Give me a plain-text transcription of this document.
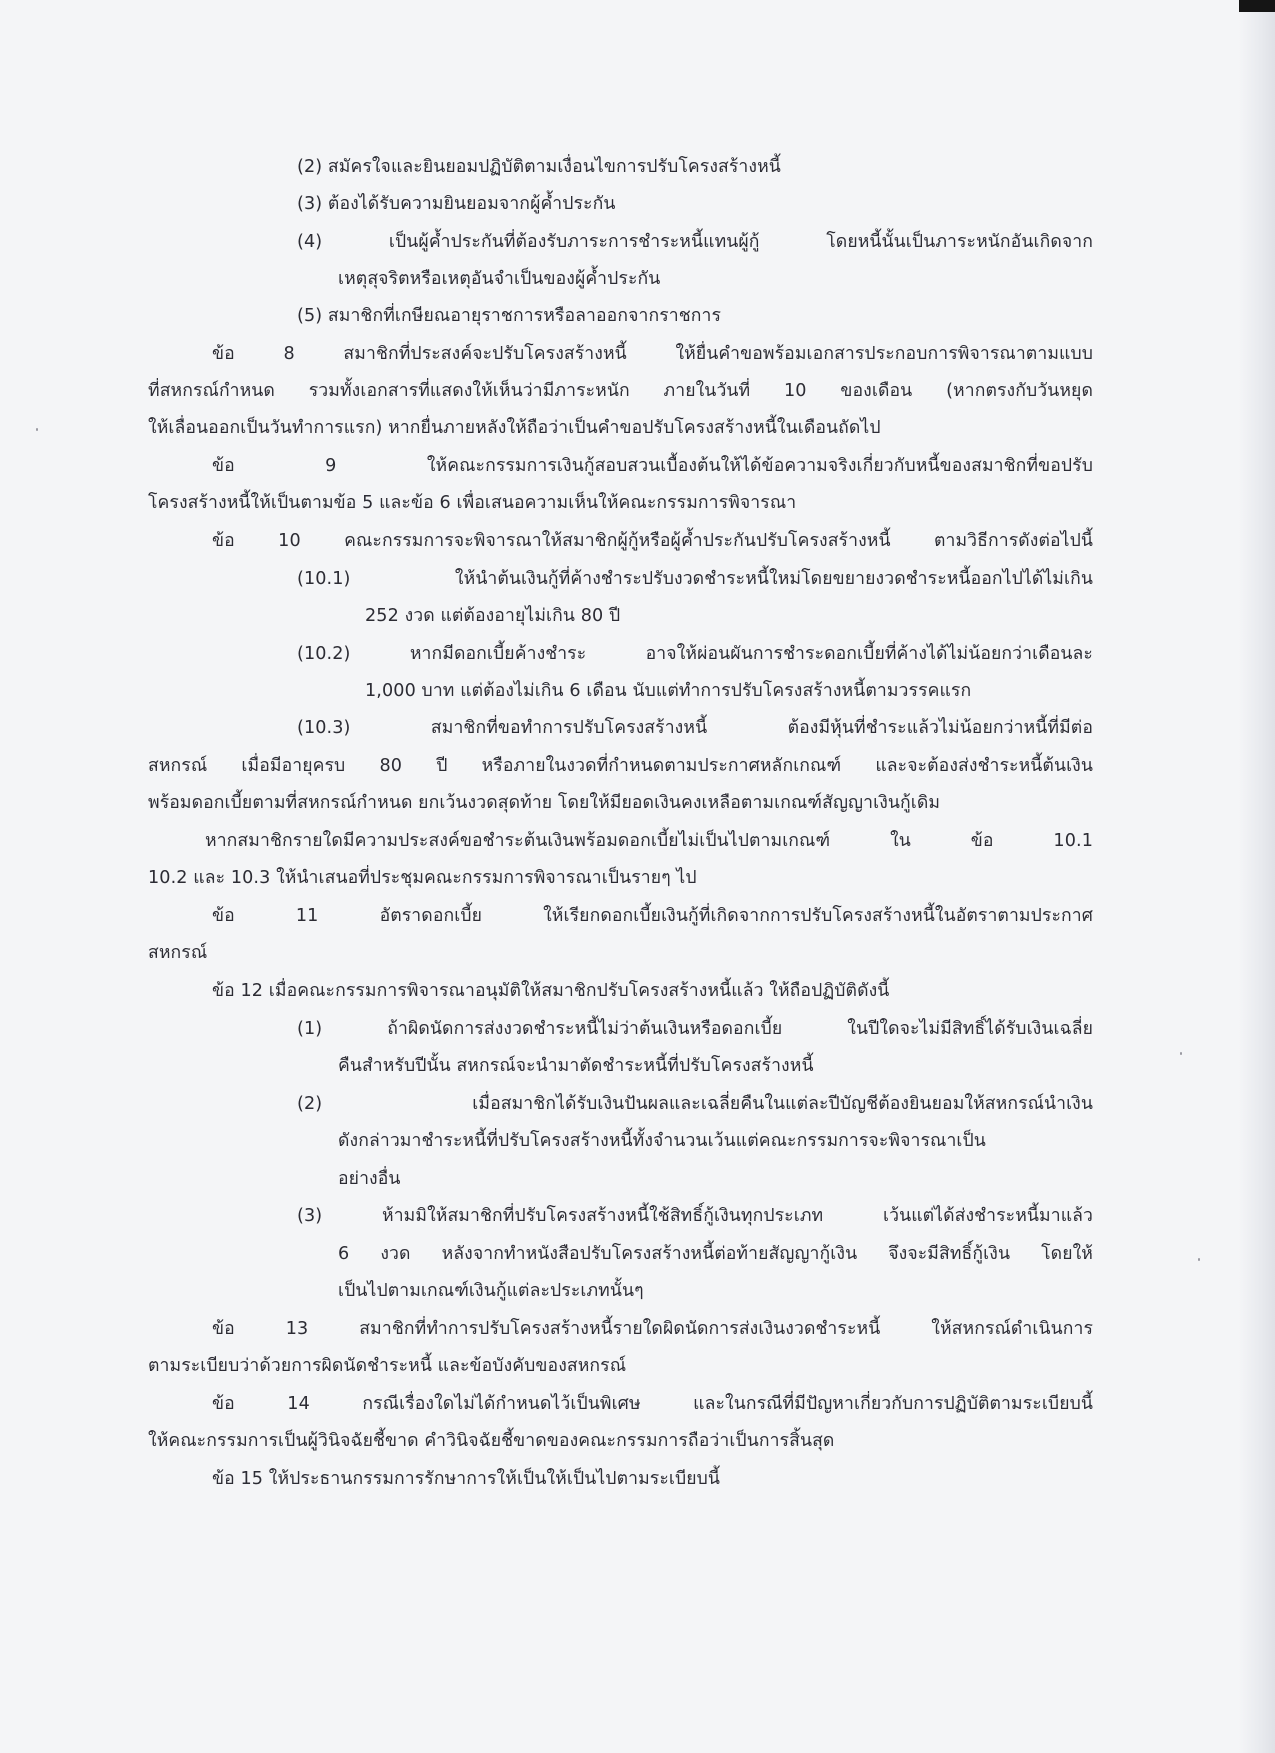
(2) สมัครใจและยินยอมปฏิบัติตามเงื่อนไขการปรับโครงสร้างหนี้
(3) ต้องได้รับความยินยอมจากผู้ค้ำประกัน
(4) เป็นผู้ค้ำประกันที่ต้องรับภาระการชำระหนี้แทนผู้กู้ โดยหนี้นั้นเป็นภาระหนักอันเกิดจาก
เหตุสุจริตหรือเหตุอันจำเป็นของผู้ค้ำประกัน
(5) สมาชิกที่เกษียณอายุราชการหรือลาออกจากราชการ
ข้อ 8 สมาชิกที่ประสงค์จะปรับโครงสร้างหนี้ ให้ยื่นคำขอพร้อมเอกสารประกอบการพิจารณาตามแบบ
ที่สหกรณ์กำหนด รวมทั้งเอกสารที่แสดงให้เห็นว่ามีภาระหนัก ภายในวันที่ 10 ของเดือน (หากตรงกับวันหยุด
ให้เลื่อนออกเป็นวันทำการแรก) หากยื่นภายหลังให้ถือว่าเป็นคำขอปรับโครงสร้างหนี้ในเดือนถัดไป
ข้อ 9 ให้คณะกรรมการเงินกู้สอบสวนเบื้องต้นให้ได้ข้อความจริงเกี่ยวกับหนี้ของสมาชิกที่ขอปรับ
โครงสร้างหนี้ให้เป็นตามข้อ 5 และข้อ 6 เพื่อเสนอความเห็นให้คณะกรรมการพิจารณา
ข้อ 10 คณะกรรมการจะพิจารณาให้สมาชิกผู้กู้หรือผู้ค้ำประกันปรับโครงสร้างหนี้ ตามวิธีการดังต่อไปนี้
(10.1) ให้นำต้นเงินกู้ที่ค้างชำระปรับงวดชำระหนี้ใหม่โดยขยายงวดชำระหนี้ออกไปได้ไม่เกิน
252 งวด แต่ต้องอายุไม่เกิน 80 ปี
(10.2) หากมีดอกเบี้ยค้างชำระ อาจให้ผ่อนผันการชำระดอกเบี้ยที่ค้างได้ไม่น้อยกว่าเดือนละ
1,000 บาท แต่ต้องไม่เกิน 6 เดือน นับแต่ทำการปรับโครงสร้างหนี้ตามวรรคแรก
(10.3) สมาชิกที่ขอทำการปรับโครงสร้างหนี้ ต้องมีหุ้นที่ชำระแล้วไม่น้อยกว่าหนี้ที่มีต่อ
สหกรณ์ เมื่อมีอายุครบ 80 ปี หรือภายในงวดที่กำหนดตามประกาศหลักเกณฑ์ และจะต้องส่งชำระหนี้ต้นเงิน
พร้อมดอกเบี้ยตามที่สหกรณ์กำหนด ยกเว้นงวดสุดท้าย โดยให้มียอดเงินคงเหลือตามเกณฑ์สัญญาเงินกู้เดิม
หากสมาชิกรายใดมีความประสงค์ขอชำระต้นเงินพร้อมดอกเบี้ยไม่เป็นไปตามเกณฑ์ ใน ข้อ 10.1
10.2 และ 10.3 ให้นำเสนอที่ประชุมคณะกรรมการพิจารณาเป็นรายๆ ไป
ข้อ 11 อัตราดอกเบี้ย ให้เรียกดอกเบี้ยเงินกู้ที่เกิดจากการปรับโครงสร้างหนี้ในอัตราตามประกาศ
สหกรณ์
ข้อ 12 เมื่อคณะกรรมการพิจารณาอนุมัติให้สมาชิกปรับโครงสร้างหนี้แล้ว ให้ถือปฏิบัติดังนี้
(1) ถ้าผิดนัดการส่งงวดชำระหนี้ไม่ว่าต้นเงินหรือดอกเบี้ย ในปีใดจะไม่มีสิทธิ์ได้รับเงินเฉลี่ย
คืนสำหรับปีนั้น สหกรณ์จะนำมาตัดชำระหนี้ที่ปรับโครงสร้างหนี้
(2) เมื่อสมาชิกได้รับเงินปันผลและเฉลี่ยคืนในแต่ละปีบัญชีต้องยินยอมให้สหกรณ์นำเงิน
ดังกล่าวมาชำระหนี้ที่ปรับโครงสร้างหนี้ทั้งจำนวนเว้นแต่คณะกรรมการจะพิจารณาเป็น
อย่างอื่น
(3) ห้ามมิให้สมาชิกที่ปรับโครงสร้างหนี้ใช้สิทธิ์กู้เงินทุกประเภท เว้นแต่ได้ส่งชำระหนี้มาแล้ว
6 งวด หลังจากทำหนังสือปรับโครงสร้างหนี้ต่อท้ายสัญญากู้เงิน จึงจะมีสิทธิ์กู้เงิน โดยให้
เป็นไปตามเกณฑ์เงินกู้แต่ละประเภทนั้นๆ
ข้อ 13 สมาชิกที่ทำการปรับโครงสร้างหนี้รายใดผิดนัดการส่งเงินงวดชำระหนี้ ให้สหกรณ์ดำเนินการ
ตามระเบียบว่าด้วยการผิดนัดชำระหนี้ และข้อบังคับของสหกรณ์
ข้อ 14 กรณีเรื่องใดไม่ได้กำหนดไว้เป็นพิเศษ และในกรณีที่มีปัญหาเกี่ยวกับการปฏิบัติตามระเบียบนี้
ให้คณะกรรมการเป็นผู้วินิจฉัยชี้ขาด คำวินิจฉัยชี้ขาดของคณะกรรมการถือว่าเป็นการสิ้นสุด
ข้อ 15 ให้ประธานกรรมการรักษาการให้เป็นให้เป็นไปตามระเบียบนี้
